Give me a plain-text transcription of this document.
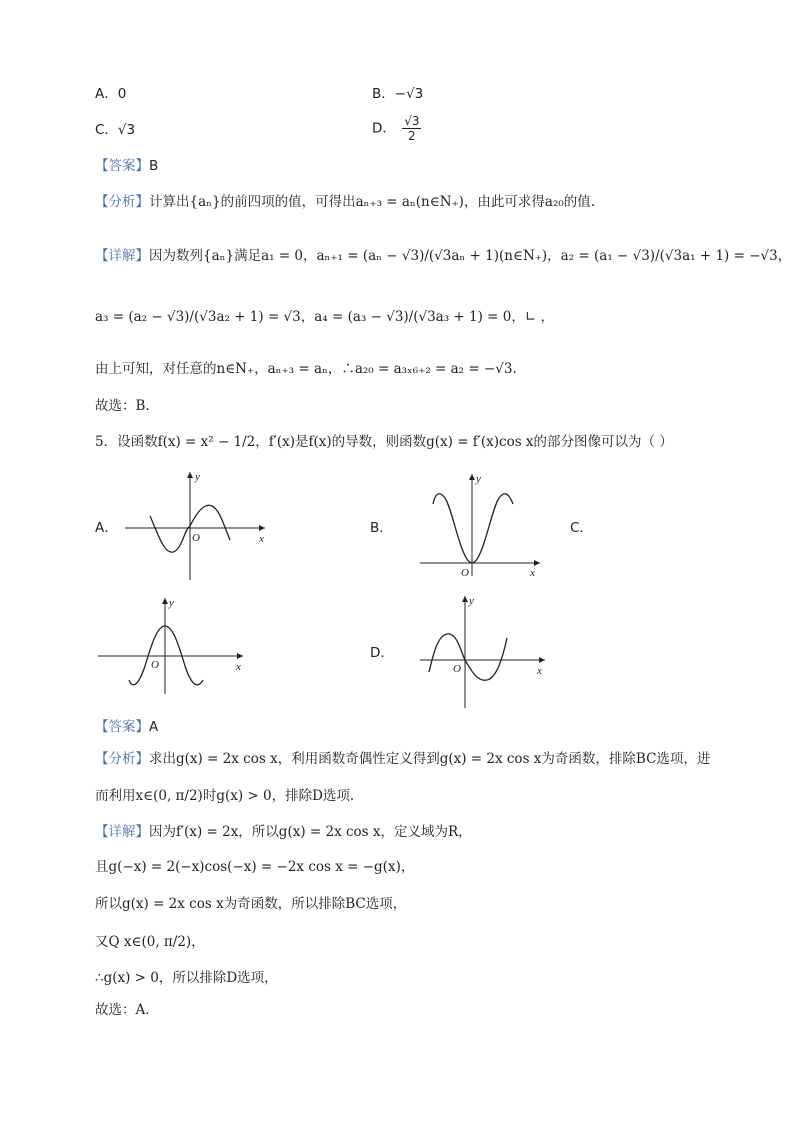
A．0	B．−√3
C．√3	D． $\frac{√3}{2}$
【答案】B
【分析】计算出{aₙ}的前四项的值，可得出aₙ₊₃ = aₙ(n∈N₊)，由此可求得a₂₀的值.
【详解】因为数列{aₙ}满足a₁ = 0，aₙ₊₁ = (aₙ − √3)/(√3aₙ + 1)(n∈N₊)，a₂ = (a₁ − √3)/(√3a₁ + 1) = −√3，
a₃ = (a₂ − √3)/(√3a₂ + 1) = √3，a₄ = (a₃ − √3)/(√3a₃ + 1) = 0，∟ ，
由上可知，对任意的n∈N₊，aₙ₊₃ = aₙ，∴a₂₀ = a₃ₓ₆₊₂ = a₂ = −√3.
故选：B.
5．设函数f(x) = x² − 1/2，f′(x)是f(x)的导数，则函数g(x) = f′(x)cos x的部分图像可以为（ ）
A．	B．	C．
D．
x
y
O
x
y
O
x
y
O	x
y
O
【答案】A
【分析】求出g(x) = 2x cos x，利用函数奇偶性定义得到g(x) = 2x cos x为奇函数，排除BC选项，进
而利用x∈(0, π/2)时g(x) > 0，排除D选项.
【详解】因为f′(x) = 2x，所以g(x) = 2x cos x，定义域为R，
且g(−x) = 2(−x)cos(−x) = −2x cos x = −g(x)，
所以g(x) = 2x cos x为奇函数，所以排除BC选项，
又Q x∈(0, π/2)，
∴g(x) > 0，所以排除D选项，
故选：A.
